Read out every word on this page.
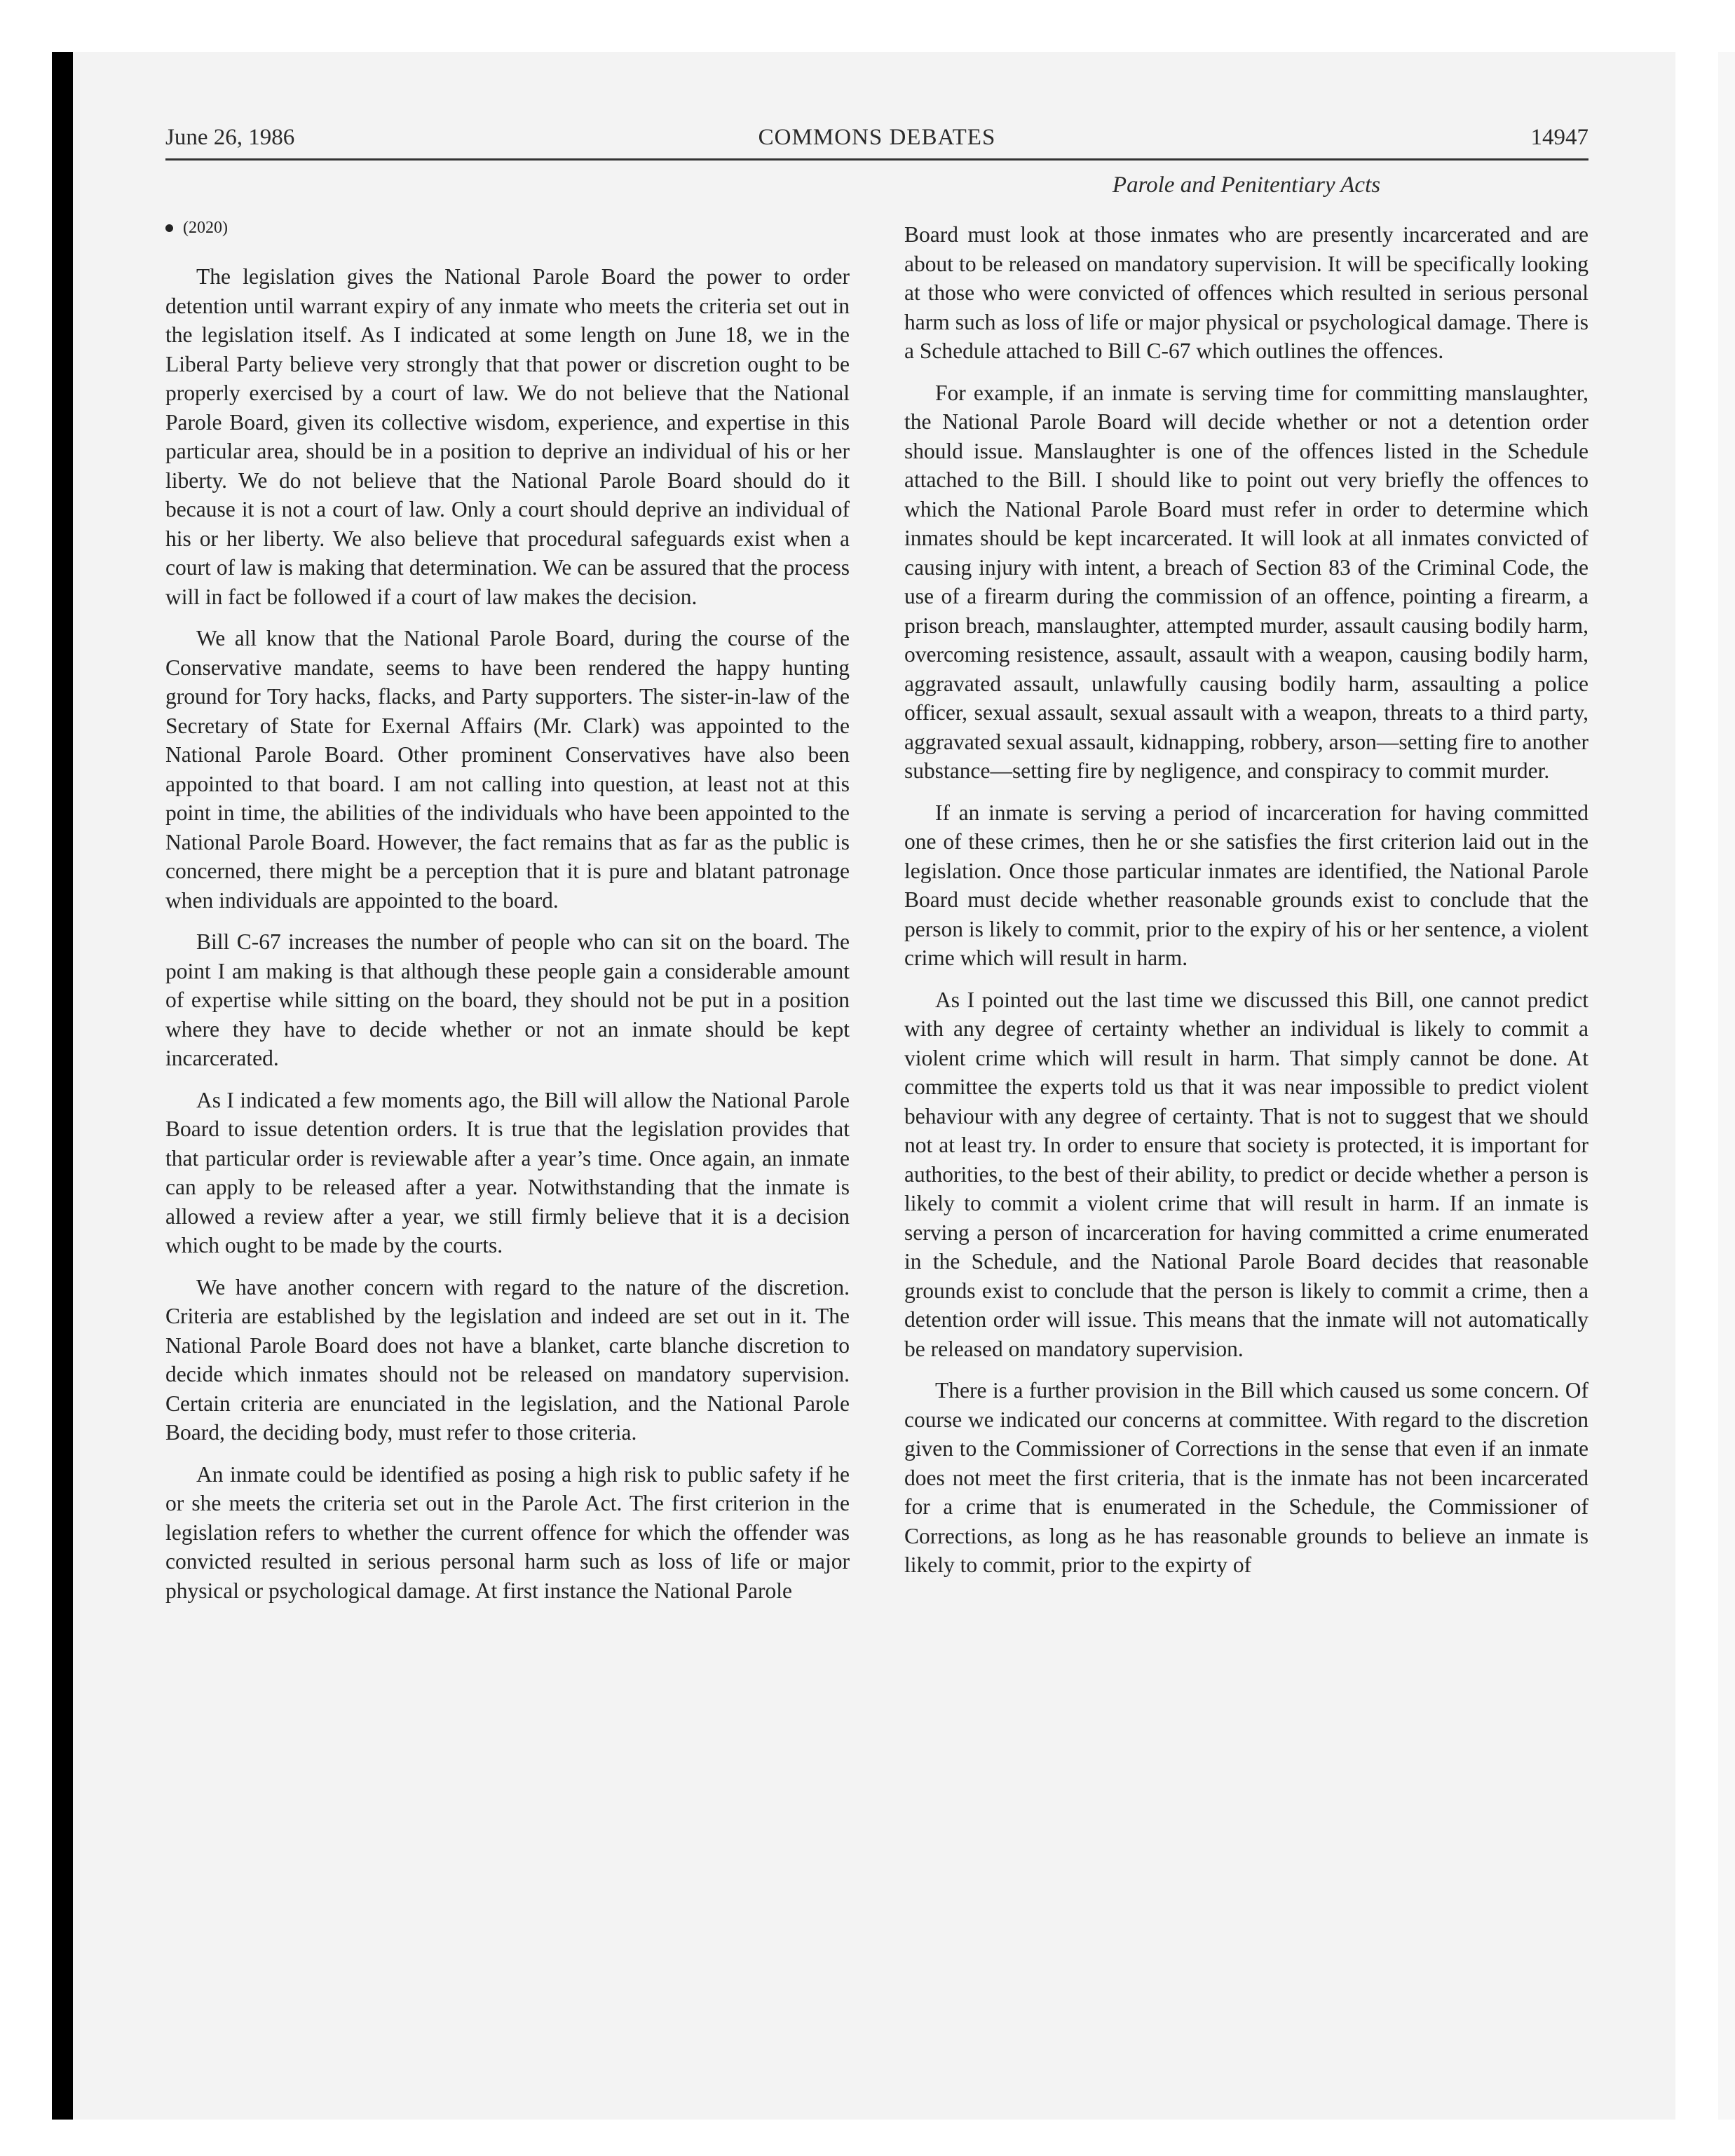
June 26, 1986	COMMONS DEBATES	14947
Parole and Penitentiary Acts
(2020)

The legislation gives the National Parole Board the power to order detention until warrant expiry of any inmate who meets the criteria set out in the legislation itself. As I indicated at some length on June 18, we in the Liberal Party believe very strongly that that power or discretion ought to be properly exercised by a court of law. We do not believe that the National Parole Board, given its collective wisdom, experience, and expertise in this particular area, should be in a position to deprive an individual of his or her liberty. We do not believe that the National Parole Board should do it because it is not a court of law. Only a court should deprive an individual of his or her liberty. We also believe that procedural safeguards exist when a court of law is making that determination. We can be assured that the process will in fact be followed if a court of law makes the decision.

We all know that the National Parole Board, during the course of the Conservative mandate, seems to have been rendered the happy hunting ground for Tory hacks, flacks, and Party supporters. The sister-in-law of the Secretary of State for Exernal Affairs (Mr. Clark) was appointed to the National Parole Board. Other prominent Conservatives have also been appointed to that board. I am not calling into question, at least not at this point in time, the abilities of the individuals who have been appointed to the National Parole Board. However, the fact remains that as far as the public is concerned, there might be a perception that it is pure and blatant patronage when individuals are appointed to the board.

Bill C-67 increases the number of people who can sit on the board. The point I am making is that although these people gain a considerable amount of expertise while sitting on the board, they should not be put in a position where they have to decide whether or not an inmate should be kept incarcerated.

As I indicated a few moments ago, the Bill will allow the National Parole Board to issue detention orders. It is true that the legislation provides that that particular order is reviewable after a year’s time. Once again, an inmate can apply to be released after a year. Notwithstanding that the inmate is allowed a review after a year, we still firmly believe that it is a decision which ought to be made by the courts.

We have another concern with regard to the nature of the discretion. Criteria are established by the legislation and indeed are set out in it. The National Parole Board does not have a blanket, carte blanche discretion to decide which inmates should not be released on mandatory supervision. Certain criteria are enunciated in the legislation, and the National Parole Board, the deciding body, must refer to those criteria.

An inmate could be identified as posing a high risk to public safety if he or she meets the criteria set out in the Parole Act. The first criterion in the legislation refers to whether the current offence for which the offender was convicted resulted in serious personal harm such as loss of life or major physical or psychological damage. At first instance the National Parole

Board must look at those inmates who are presently incarcerated and are about to be released on mandatory supervision. It will be specifically looking at those who were convicted of offences which resulted in serious personal harm such as loss of life or major physical or psychological damage. There is a Schedule attached to Bill C-67 which outlines the offences.

For example, if an inmate is serving time for committing manslaughter, the National Parole Board will decide whether or not a detention order should issue. Manslaughter is one of the offences listed in the Schedule attached to the Bill. I should like to point out very briefly the offences to which the National Parole Board must refer in order to determine which inmates should be kept incarcerated. It will look at all inmates convicted of causing injury with intent, a breach of Section 83 of the Criminal Code, the use of a firearm during the commission of an offence, pointing a firearm, a prison breach, manslaughter, attempted murder, assault causing bodily harm, overcoming resistence, assault, assault with a weapon, causing bodily harm, aggravated assault, unlawfully causing bodily harm, assaulting a police officer, sexual assault, sexual assault with a weapon, threats to a third party, aggravated sexual assault, kidnapping, robbery, arson—setting fire to another substance—setting fire by negligence, and conspiracy to commit murder.

If an inmate is serving a period of incarceration for having committed one of these crimes, then he or she satisfies the first criterion laid out in the legislation. Once those particular inmates are identified, the National Parole Board must decide whether reasonable grounds exist to conclude that the person is likely to commit, prior to the expiry of his or her sentence, a violent crime which will result in harm.

As I pointed out the last time we discussed this Bill, one cannot predict with any degree of certainty whether an individual is likely to commit a violent crime which will result in harm. That simply cannot be done. At committee the experts told us that it was near impossible to predict violent behaviour with any degree of certainty. That is not to suggest that we should not at least try. In order to ensure that society is protected, it is important for authorities, to the best of their ability, to predict or decide whether a person is likely to commit a violent crime that will result in harm. If an inmate is serving a person of incarceration for having committed a crime enumerated in the Schedule, and the National Parole Board decides that reasonable grounds exist to conclude that the person is likely to commit a crime, then a detention order will issue. This means that the inmate will not automatically be released on mandatory supervision.

There is a further provision in the Bill which caused us some concern. Of course we indicated our concerns at committee. With regard to the discretion given to the Commissioner of Corrections in the sense that even if an inmate does not meet the first criteria, that is the inmate has not been incarcerated for a crime that is enumerated in the Schedule, the Commissioner of Corrections, as long as he has reasonable grounds to believe an inmate is likely to commit, prior to the expirty of
